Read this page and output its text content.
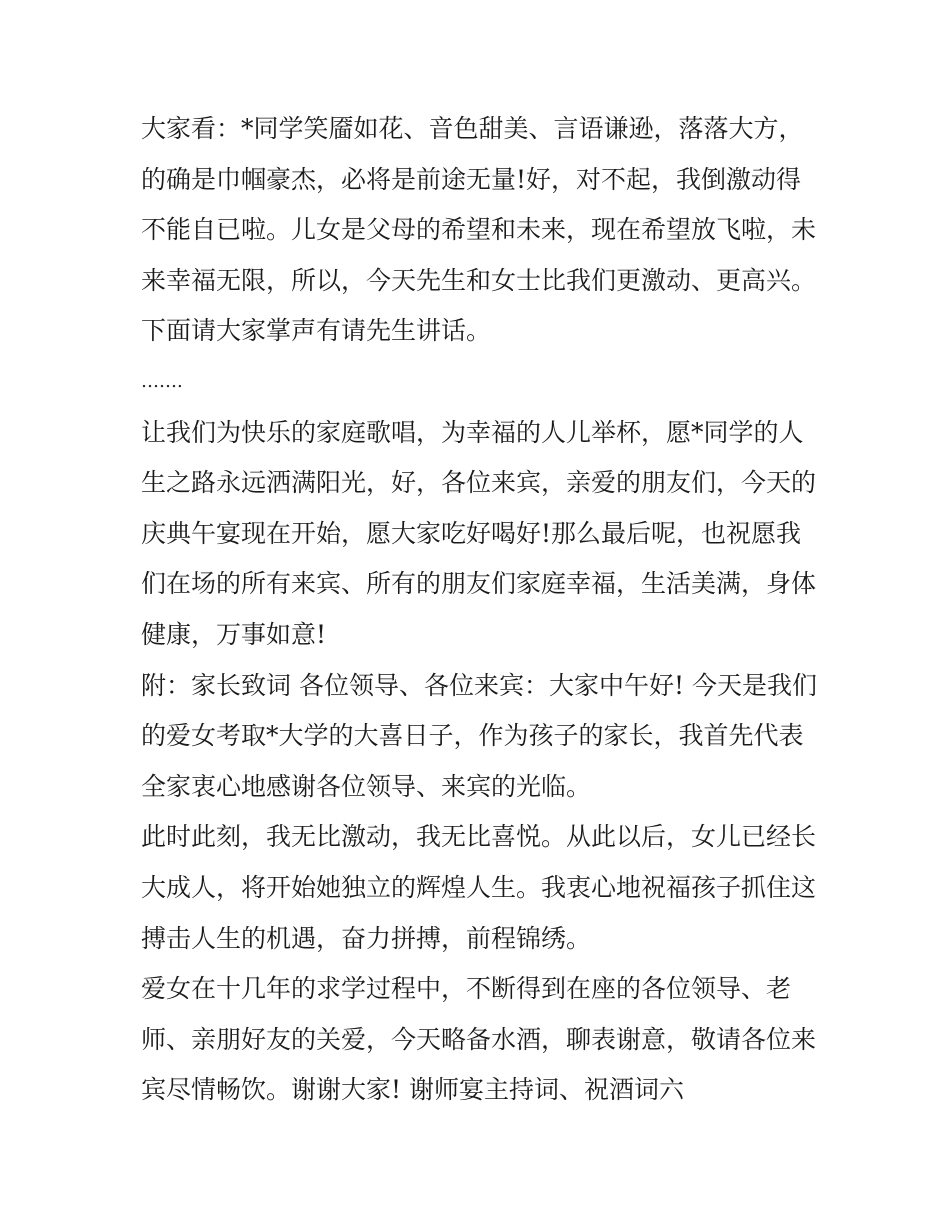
大家看：*同学笑靥如花、音色甜美、言语谦逊，落落大方，
的确是巾帼豪杰，必将是前途无量!好，对不起，我倒激动得
不能自已啦。儿女是父母的希望和未来，现在希望放飞啦，未
来幸福无限，所以，今天先生和女士比我们更激动、更高兴。
下面请大家掌声有请先生讲话。
…….
让我们为快乐的家庭歌唱，为幸福的人儿举杯，愿*同学的人
生之路永远洒满阳光，好，各位来宾，亲爱的朋友们，今天的
庆典午宴现在开始，愿大家吃好喝好!那么最后呢，也祝愿我
们在场的所有来宾、所有的朋友们家庭幸福，生活美满，身体
健康，万事如意!
附：家长致词 各位领导、各位来宾：大家中午好! 今天是我们
的爱女考取*大学的大喜日子，作为孩子的家长，我首先代表
全家衷心地感谢各位领导、来宾的光临。
此时此刻，我无比激动，我无比喜悦。从此以后，女儿已经长
大成人，将开始她独立的辉煌人生。我衷心地祝福孩子抓住这
搏击人生的机遇，奋力拼搏，前程锦绣。
爱女在十几年的求学过程中，不断得到在座的各位领导、老
师、亲朋好友的关爱，今天略备水酒，聊表谢意，敬请各位来
宾尽情畅饮。谢谢大家! 谢师宴主持词、祝酒词六
